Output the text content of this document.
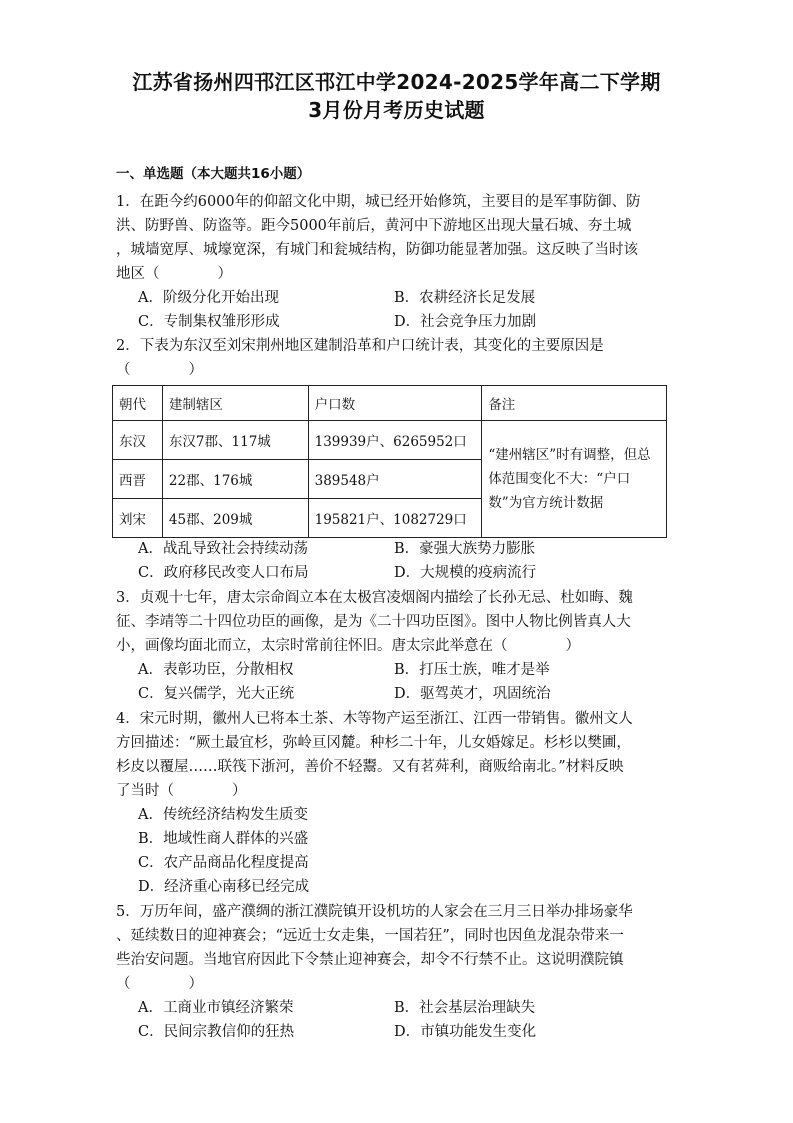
江苏省扬州四邗江区邗江中学2024-2025学年高二下学期
3月份月考历史试题
一、单选题（本大题共16小题）
1．在距今约6000年的仰韶文化中期，城已经开始修筑，主要目的是军事防御、防
洪、防野兽、防盗等。距今5000年前后，黄河中下游地区出现大量石城、夯土城
，城墙宽厚、城壕宽深，有城门和瓮城结构，防御功能显著加强。这反映了当时该
地区（　　　　）
A．阶级分化开始出现	B．农耕经济长足发展
C．专制集权雏形形成	D．社会竞争压力加剧
2．下表为东汉至刘宋荆州地区建制沿革和户口统计表，其变化的主要原因是
（　　　　）
朝代	建制辖区	户口数	备注
东汉	东汉7郡、117城	139939户、6265952口	“建州辖区”时有调整，但总体范围变化不大：“户口数”为官方统计数据
西晋	22郡、176城	389548户	
刘宋	45郡、209城	195821户、1082729口	
A．战乱导致社会持续动荡	B．豪强大族势力膨胀
C．政府移民改变人口布局	D．大规模的疫病流行
3．贞观十七年，唐太宗命阎立本在太极宫凌烟阁内描绘了长孙无忌、杜如晦、魏
征、李靖等二十四位功臣的画像，是为《二十四功臣图》。图中人物比例皆真人大
小，画像均面北而立，太宗时常前往怀旧。唐太宗此举意在（　　　　）
A．表彰功臣，分散相权	B．打压士族，唯才是举
C．复兴儒学，光大正统	D．驱驾英才，巩固统治
4．宋元时期，徽州人已将本土茶、木等物产运至浙江、江西一带销售。徽州文人
方回描述：“厥土最宜杉，弥岭亘冈麓。种杉二十年，儿女婚嫁足。杉杉以樊圃，
杉皮以覆屋……联筏下浙河，善价不轻鬻。又有茗荈利，商贩给南北。”材料反映
了当时（　　　　）
A．传统经济结构发生质变
B．地域性商人群体的兴盛
C．农产品商品化程度提高
D．经济重心南移已经完成
5．万历年间，盛产濮绸的浙江濮院镇开设机坊的人家会在三月三日举办排场豪华
、延续数日的迎神赛会；“远近士女走集，一国若狂”，同时也因鱼龙混杂带来一
些治安问题。当地官府因此下令禁止迎神赛会，却令不行禁不止。这说明濮院镇
（　　　　）
A．工商业市镇经济繁荣	B．社会基层治理缺失
C．民间宗教信仰的狂热	D．市镇功能发生变化
